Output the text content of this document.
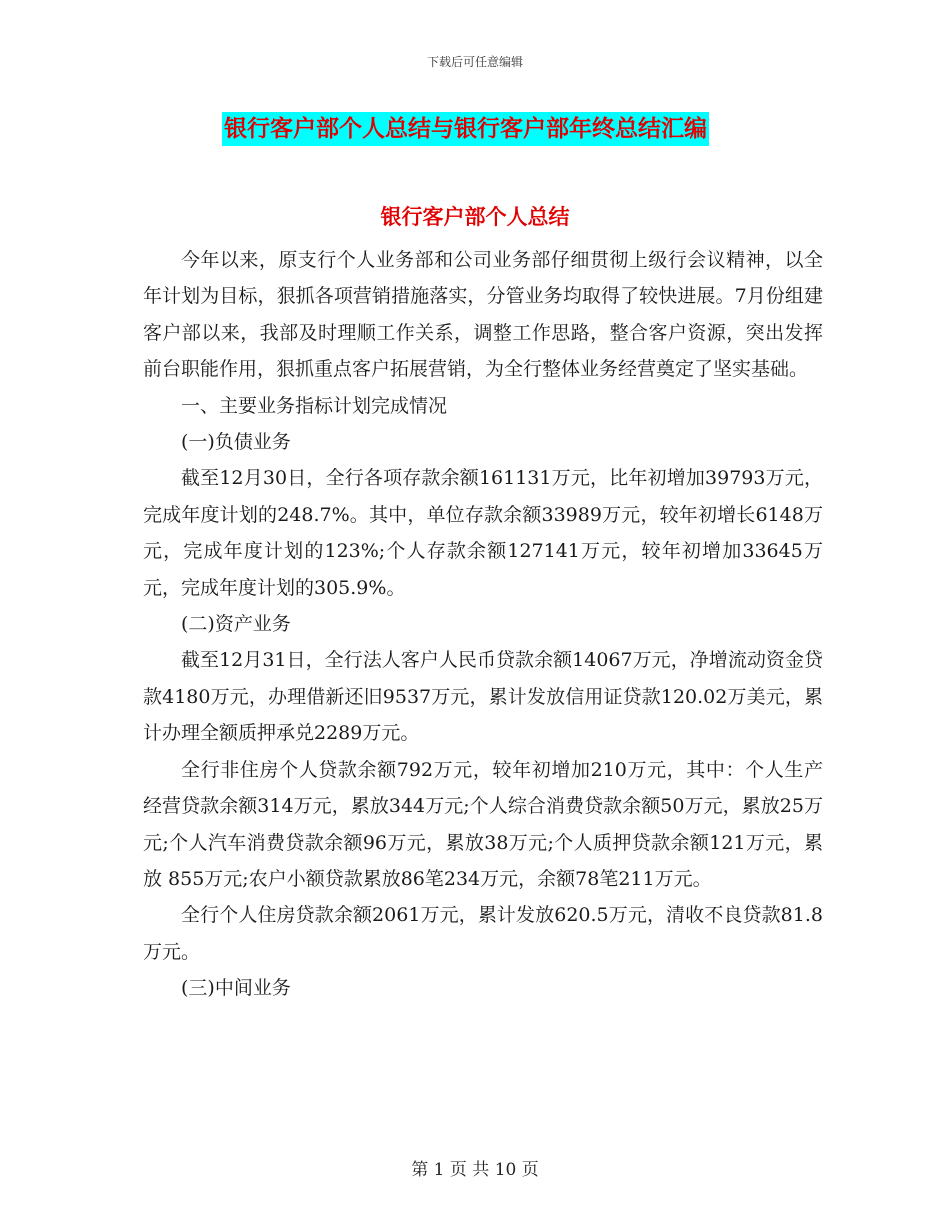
下载后可任意编辑
银行客户部个人总结与银行客户部年终总结汇编
银行客户部个人总结

今年以来，原支行个人业务部和公司业务部仔细贯彻上级行会议精神，以全年计划为目标，狠抓各项营销措施落实，分管业务均取得了较快进展。7月份组建客户部以来，我部及时理顺工作关系，调整工作思路，整合客户资源，突出发挥前台职能作用，狠抓重点客户拓展营销，为全行整体业务经营奠定了坚实基础。

一、主要业务指标计划完成情况

(一)负债业务

截至12月30日，全行各项存款余额161131万元，比年初增加39793万元，完成年度计划的248.7%。其中，单位存款余额33989万元，较年初增长6148万元，完成年度计划的123%;个人存款余额127141万元，较年初增加33645万元，完成年度计划的305.9%。

(二)资产业务

截至12月31日，全行法人客户人民币贷款余额14067万元，净增流动资金贷款4180万元，办理借新还旧9537万元，累计发放信用证贷款120.02万美元，累计办理全额质押承兑2289万元。

全行非住房个人贷款余额792万元，较年初增加210万元，其中：个人生产经营贷款余额314万元，累放344万元;个人综合消费贷款余额50万元，累放25万元;个人汽车消费贷款余额96万元，累放38万元;个人质押贷款余额121万元，累放 855万元;农户小额贷款累放86笔234万元，余额78笔211万元。

全行个人住房贷款余额2061万元，累计发放620.5万元，清收不良贷款81.8万元。

(三)中间业务

第 1 页 共 10 页
